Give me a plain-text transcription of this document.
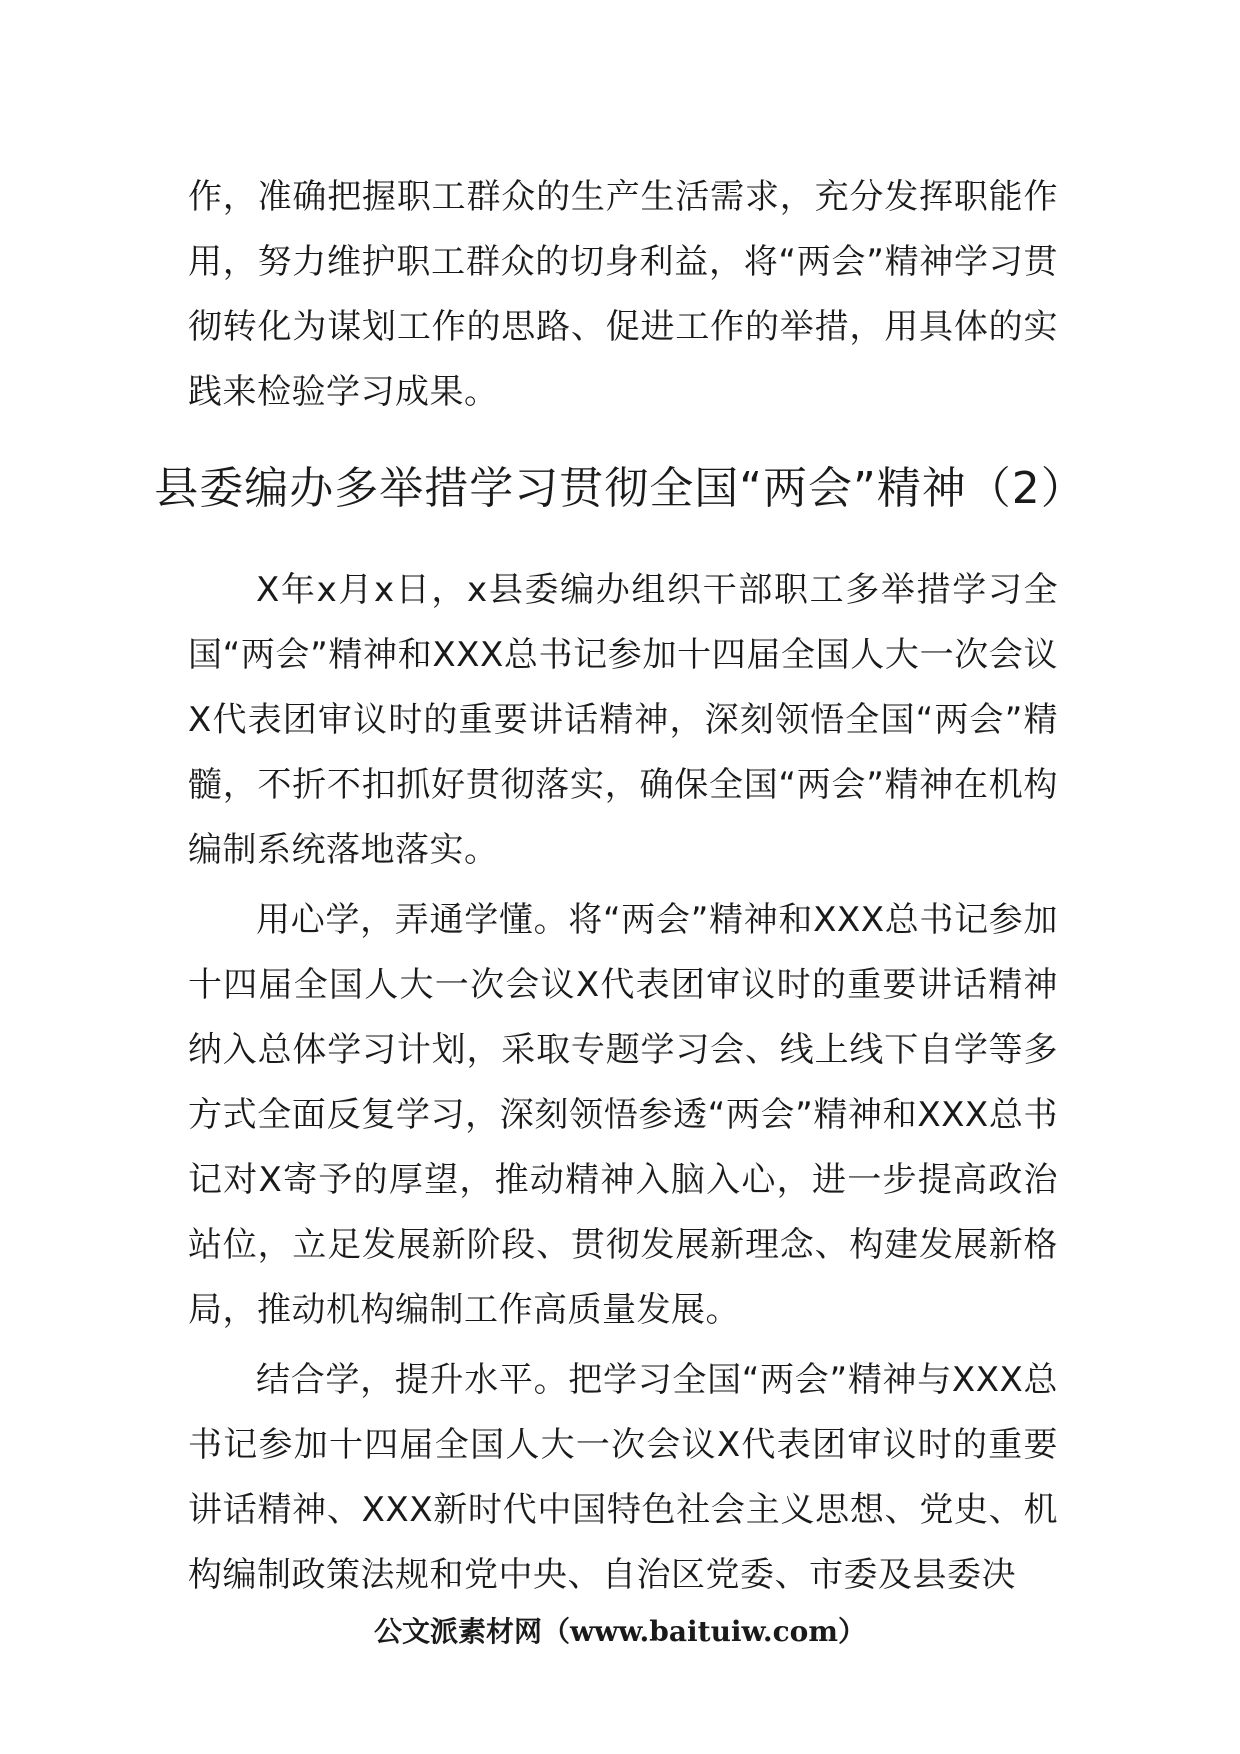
作，准确把握职工群众的生产生活需求，充分发挥职能作用，努力维护职工群众的切身利益，将“两会”精神学习贯彻转化为谋划工作的思路、促进工作的举措，用具体的实践来检验学习成果。

县委编办多举措学习贯彻全国“两会”精神（2）

X年x月x日，x县委编办组织干部职工多举措学习全国“两会”精神和XXX总书记参加十四届全国人大一次会议X代表团审议时的重要讲话精神，深刻领悟全国“两会”精髓，不折不扣抓好贯彻落实，确保全国“两会”精神在机构编制系统落地落实。

用心学，弄通学懂。将“两会”精神和XXX总书记参加十四届全国人大一次会议X代表团审议时的重要讲话精神纳入总体学习计划，采取专题学习会、线上线下自学等多方式全面反复学习，深刻领悟参透“两会”精神和XXX总书记对X寄予的厚望，推动精神入脑入心，进一步提高政治站位，立足发展新阶段、贯彻发展新理念、构建发展新格局，推动机构编制工作高质量发展。

结合学，提升水平。把学习全国“两会”精神与XXX总书记参加十四届全国人大一次会议X代表团审议时的重要讲话精神、XXX新时代中国特色社会主义思想、党史、机构编制政策法规和党中央、自治区党委、市委及县委决

公文派素材网（www.baituiw.com）
